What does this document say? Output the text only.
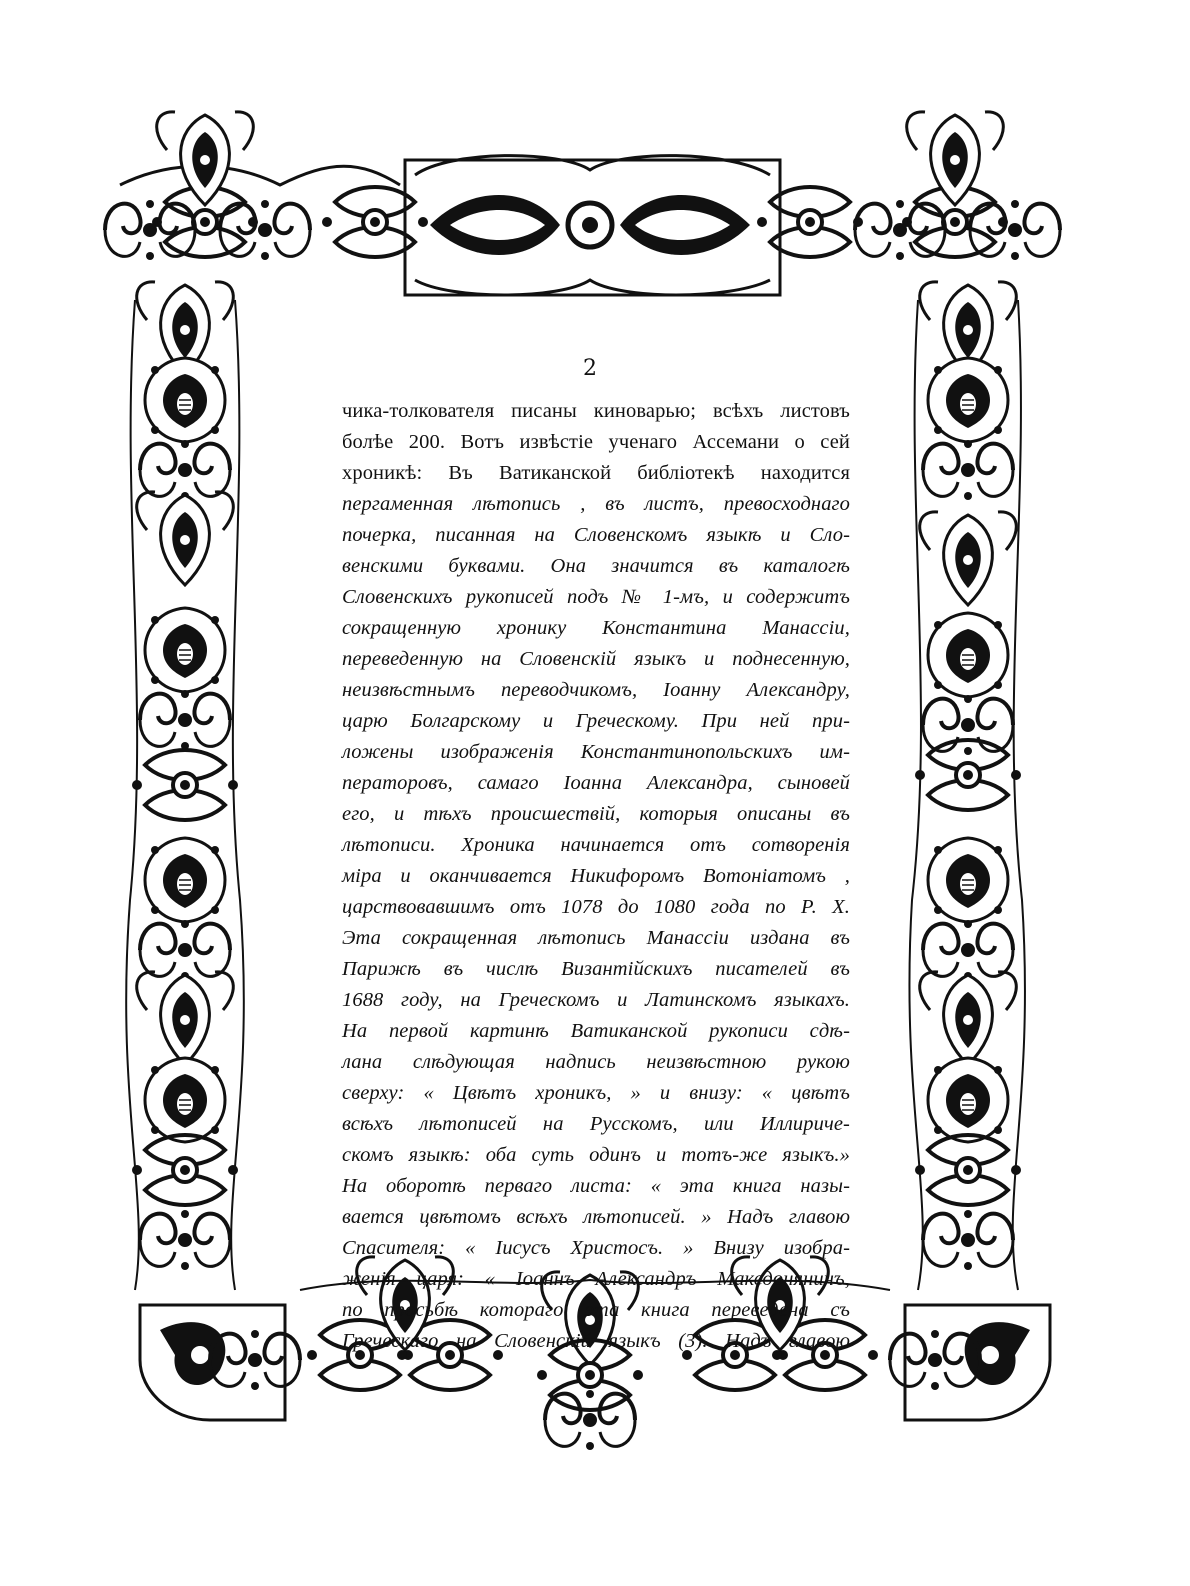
2
чика-толкователя писаны киноварью; всѣхъ листовъ
болѣе 200. Вотъ извѣстіе ученаго Ассемани о сей
хроникѣ: Въ Ватиканской библіотекѣ находится
пергаменная лѣтопись , въ листъ, превосходнаго
почерка, писанная на Словенскомъ языкѣ и Сло-
венскими буквами. Она значится въ каталогѣ
Словенскихъ рукописей подъ № 1-мъ, и содержитъ
сокращенную хронику Константина Манассіи,
переведенную на Словенскій языкъ и поднесенную,
неизвѣстнымъ переводчикомъ, Іоанну Александру,
царю Болгарскому и Греческому. При ней при-
ложены изображенія Константинопольскихъ им-
ператоровъ, самаго Іоанна Александра, сыновей
его, и тѣхъ происшествій, которыя описаны въ
лѣтописи. Хроника начинается отъ сотворенія
міра и оканчивается Никифоромъ Вотоніатомъ ,
царствовавшимъ отъ 1078 до 1080 года по Р. Х.
Эта сокращенная лѣтопись Манассіи издана въ
Парижѣ въ числѣ Византійскихъ писателей въ
1688 году, на Греческомъ и Латинскомъ языкахъ.
На первой картинѣ Ватиканской рукописи сдѣ-
лана слѣдующая надпись неизвѣстною рукою
сверху: « Цвѣтъ хроникъ, » и внизу: « цвѣтъ
всѣхъ лѣтописей на Русскомъ, или Иллириче-
скомъ языкѣ: оба суть одинъ и тотъ-же языкъ.»
На оборотѣ перваго листа: « эта книга назы-
вается цвѣтомъ всѣхъ лѣтописей. » Надъ главою
Спасителя: « Іисусъ Христосъ. » Внизу изобра-
женія царя: « Іоаннъ Александръ Македонянинъ,
по просьбѣ котораго эта книга переведена съ
Греческаго на Словенскій языкъ (3). Надъ главою
